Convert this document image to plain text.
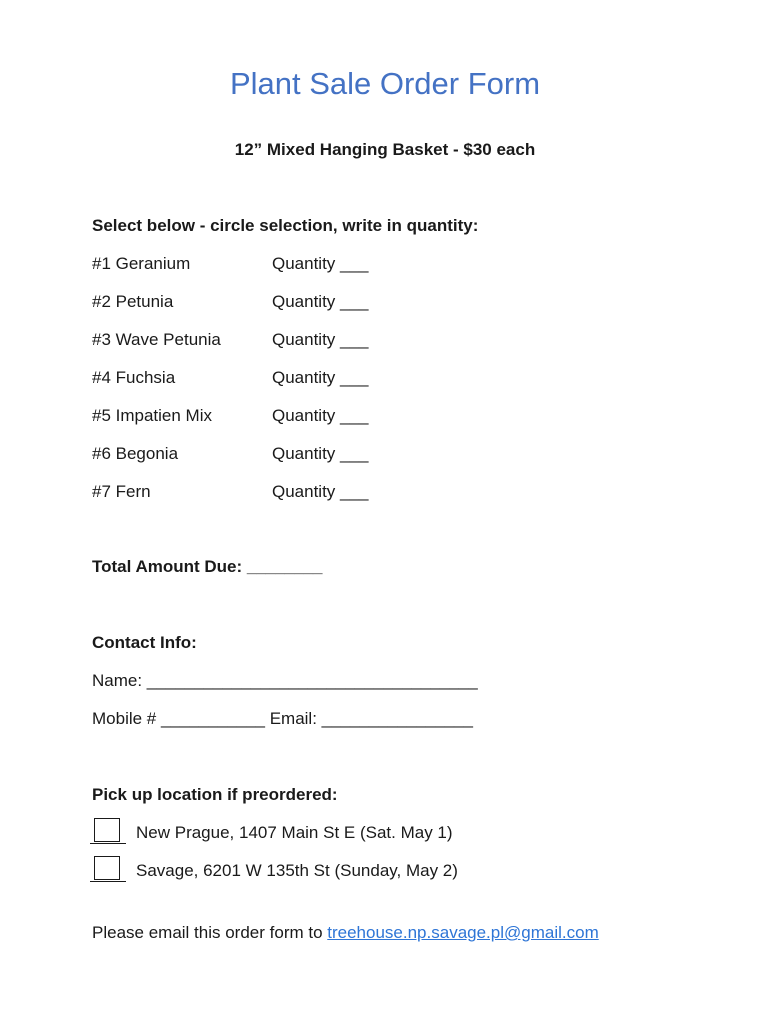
Plant Sale Order Form
12” Mixed Hanging Basket - $30 each
Select below - circle selection, write in quantity:
#1 Geranium	Quantity ___
#2 Petunia	Quantity ___
#3 Wave Petunia	Quantity ___
#4 Fuchsia	Quantity ___
#5 Impatien Mix	Quantity ___
#6 Begonia	Quantity ___
#7 Fern	Quantity ___
Total Amount Due: ________
Contact Info:
Name: ___________________________________
Mobile # ___________ Email: ________________
Pick up location if preordered:
New Prague, 1407 Main St E (Sat. May 1)
Savage, 6201 W 135th St (Sunday, May 2)
Please email this order form to treehouse.np.savage.pl@gmail.com
